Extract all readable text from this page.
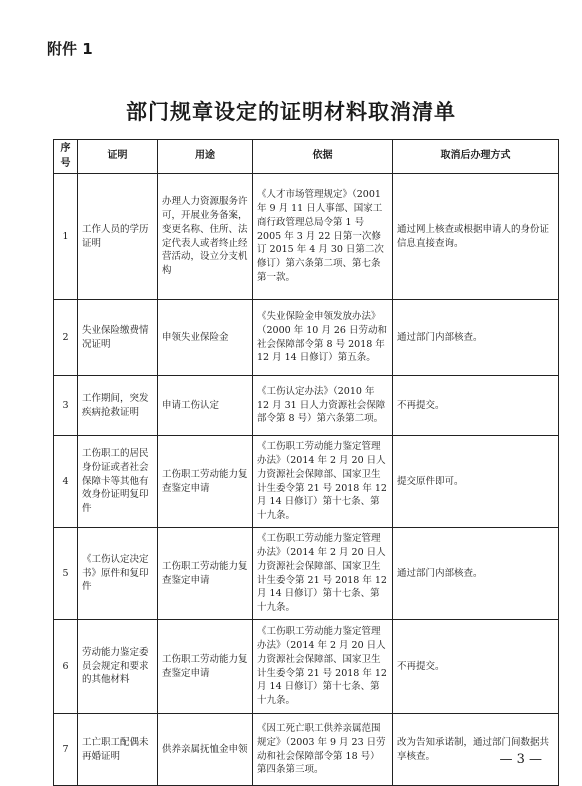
附件 1
部门规章设定的证明材料取消清单
序号	证明	用途	依据	取消后办理方式
1	工作人员的学历证明	办理人力资源服务许可，开展业务备案，变更名称、住所、法定代表人或者终止经营活动，设立分支机构	《人才市场管理规定》（2001 年 9 月 11 日人事部、国家工商行政管理总局令第 1 号 2005 年 3 月 22 日第一次修订 2015 年 4 月 30 日第二次修订）第六条第二项、第七条第一款。	通过网上核查或根据申请人的身份证信息直接查询。
2	失业保险缴费情况证明	申领失业保险金	《失业保险金申领发放办法》（2000 年 10 月 26 日劳动和社会保障部令第 8 号 2018 年 12 月 14 日修订）第五条。	通过部门内部核查。
3	工作期间，突发疾病抢救证明	申请工伤认定	《工伤认定办法》（2010 年 12 月 31 日人力资源社会保障部令第 8 号）第六条第二项。	不再提交。
4	工伤职工的居民身份证或者社会保障卡等其他有效身份证明复印件	工伤职工劳动能力复查鉴定申请	《工伤职工劳动能力鉴定管理办法》（2014 年 2 月 20 日人力资源社会保障部、国家卫生计生委令第 21 号 2018 年 12 月 14 日修订）第十七条、第十九条。	提交原件即可。
5	《工伤认定决定书》原件和复印件	工伤职工劳动能力复查鉴定申请	《工伤职工劳动能力鉴定管理办法》（2014 年 2 月 20 日人力资源社会保障部、国家卫生计生委令第 21 号 2018 年 12 月 14 日修订）第十七条、第十九条。	通过部门内部核查。
6	劳动能力鉴定委员会规定和要求的其他材料	工伤职工劳动能力复查鉴定申请	《工伤职工劳动能力鉴定管理办法》（2014 年 2 月 20 日人力资源社会保障部、国家卫生计生委令第 21 号 2018 年 12 月 14 日修订）第十七条、第十九条。	不再提交。
7	工亡职工配偶未再婚证明	供养亲属抚恤金申领	《因工死亡职工供养亲属范围规定》（2003 年 9 月 23 日劳动和社会保障部令第 18 号）第四条第三项。	改为告知承诺制，通过部门间数据共享核查。	— 3 —
